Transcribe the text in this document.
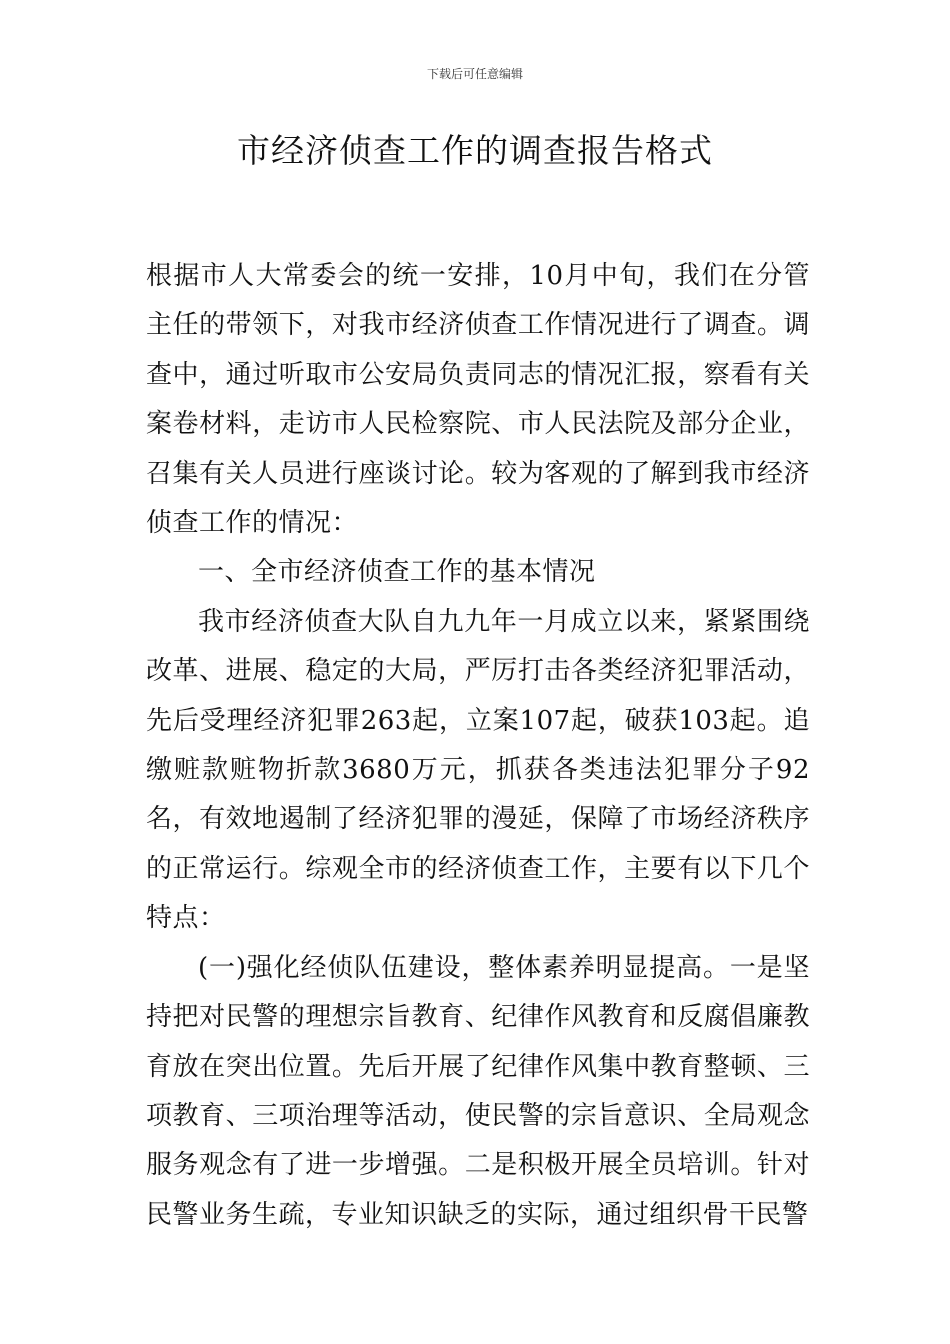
下载后可任意编辑
市经济侦查工作的调查报告格式

根据市人大常委会的统一安排，10月中旬，我们在分管主任的带领下，对我市经济侦查工作情况进行了调查。调查中，通过听取市公安局负责同志的情况汇报，察看有关案卷材料，走访市人民检察院、市人民法院及部分企业，召集有关人员进行座谈讨论。较为客观的了解到我市经济侦查工作的情况：

一、全市经济侦查工作的基本情况

我市经济侦查大队自九九年一月成立以来，紧紧围绕改革、进展、稳定的大局，严厉打击各类经济犯罪活动，先后受理经济犯罪263起，立案107起，破获103起。追缴赃款赃物折款3680万元，抓获各类违法犯罪分子92名，有效地遏制了经济犯罪的漫延，保障了市场经济秩序的正常运行。综观全市的经济侦查工作，主要有以下几个特点：

(一)强化经侦队伍建设，整体素养明显提高。一是坚持把对民警的理想宗旨教育、纪律作风教育和反腐倡廉教育放在突出位置。先后开展了纪律作风集中教育整顿、三项教育、三项治理等活动，使民警的宗旨意识、全局观念服务观念有了进一步增强。二是积极开展全员培训。针对民警业务生疏，专业知识缺乏的实际，通过组织骨干民警
